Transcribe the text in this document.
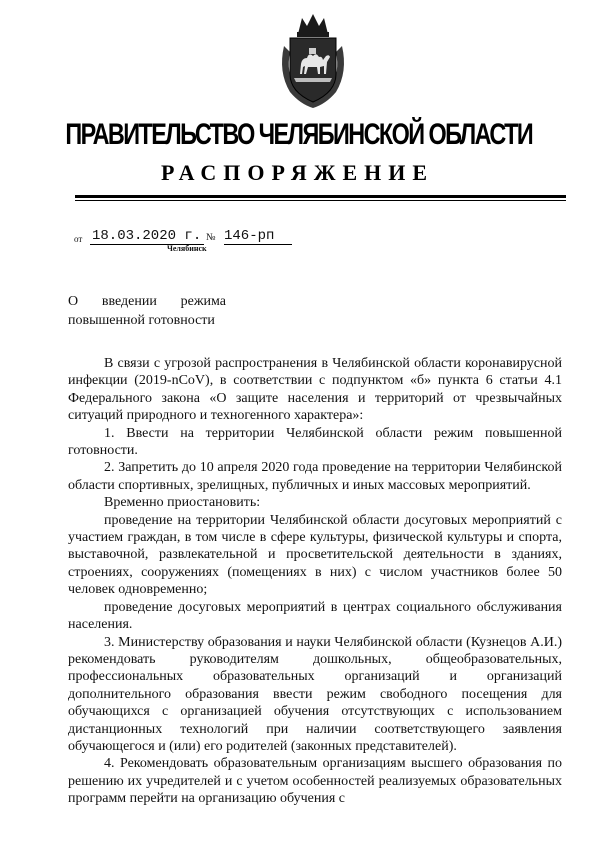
ПРАВИТЕЛЬСТВО ЧЕЛЯБИНСКОЙ ОБЛАСТИ
РАСПОРЯЖЕНИЕ
от 18.03.2020 г. № 146-рп
Челябинск
О введении режима
повышенной готовности

В связи с угрозой распространения в Челябинской области коронавирусной инфекции (2019-nCoV), в соответствии с подпунктом «б» пункта 6 статьи 4.1 Федерального закона «О защите населения и территорий от чрезвычайных ситуаций природного и техногенного характера»:

1. Ввести на территории Челябинской области режим повышенной готовности.

2. Запретить до 10 апреля 2020 года проведение на территории Челябинской области спортивных, зрелищных, публичных и иных массовых мероприятий.

Временно приостановить:

проведение на территории Челябинской области досуговых мероприятий с участием граждан, в том числе в сфере культуры, физической культуры и спорта, выставочной, развлекательной и просветительской деятельности в зданиях, строениях, сооружениях (помещениях в них) с числом участников более 50 человек одновременно;

проведение досуговых мероприятий в центрах социального обслуживания населения.

3. Министерству образования и науки Челябинской области (Кузнецов А.И.) рекомендовать руководителям дошкольных, общеобразовательных, профессиональных образовательных организаций и организаций дополнительного образования ввести режим свободного посещения для обучающихся с организацией обучения отсутствующих с использованием дистанционных технологий при наличии соответствующего заявления обучающегося и (или) его родителей (законных представителей).

4. Рекомендовать образовательным организациям высшего образования по решению их учредителей и с учетом особенностей реализуемых образовательных программ перейти на организацию обучения с
